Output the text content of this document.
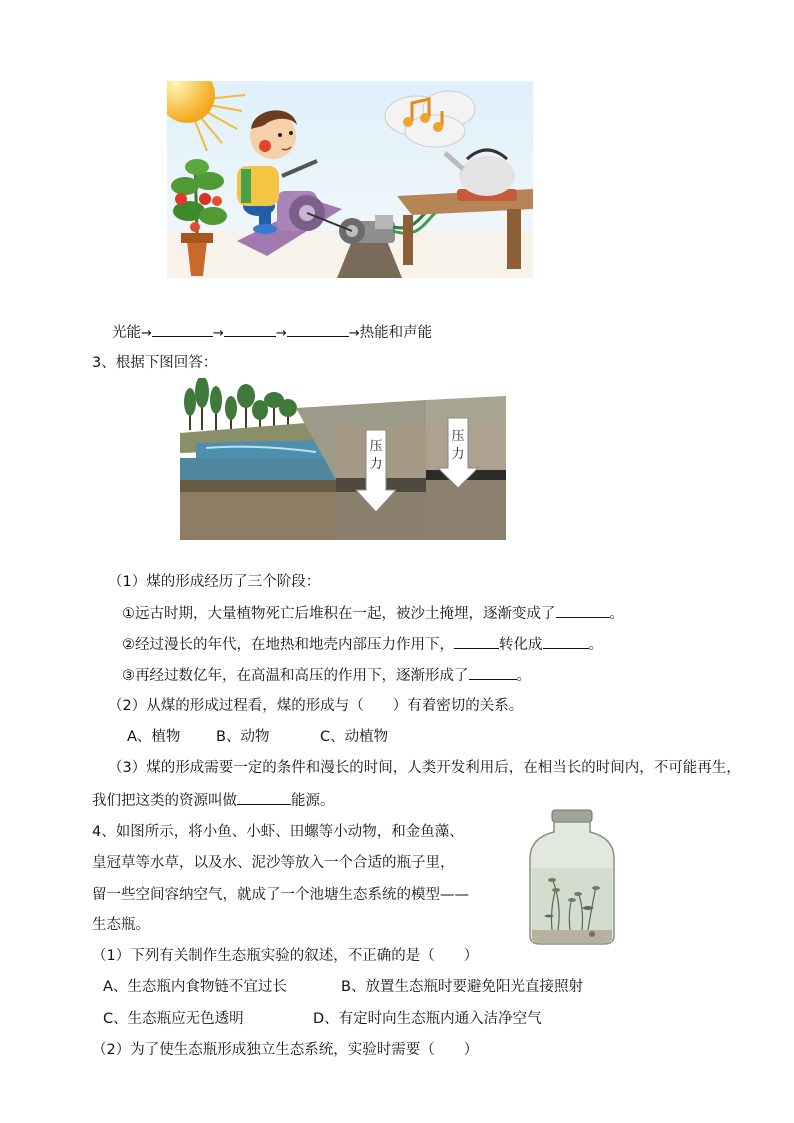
光能→	→	→	→热能和声能
3、根据下图回答：
压
力
压
力
（1）煤的形成经历了三个阶段：
①远古时期，大量植物死亡后堆积在一起，被沙土掩埋，逐渐变成了	。
②经过漫长的年代，在地热和地壳内部压力作用下，	转化成	。
③再经过数亿年，在高温和高压的作用下，逐渐形成了	。
（2）从煤的形成过程看，煤的形成与（　　）有着密切的关系。
A、植物 B、动物	C、动植物
（3）煤的形成需要一定的条件和漫长的时间，人类开发利用后，在相当长的时间内，不可能再生，
我们把这类的资源叫做	能源。
4、如图所示，将小鱼、小虾、田螺等小动物，和金鱼藻、
皇冠草等水草，以及水、泥沙等放入一个合适的瓶子里，
留一些空间容纳空气，就成了一个池塘生态系统的模型——
生态瓶。
（1）下列有关制作生态瓶实验的叙述，不正确的是（　　）
A、生态瓶内食物链不宜过长	B、放置生态瓶时要避免阳光直接照射
C、生态瓶应无色透明	D、有定时向生态瓶内通入洁净空气
（2）为了使生态瓶形成独立生态系统，实验时需要（　　）
